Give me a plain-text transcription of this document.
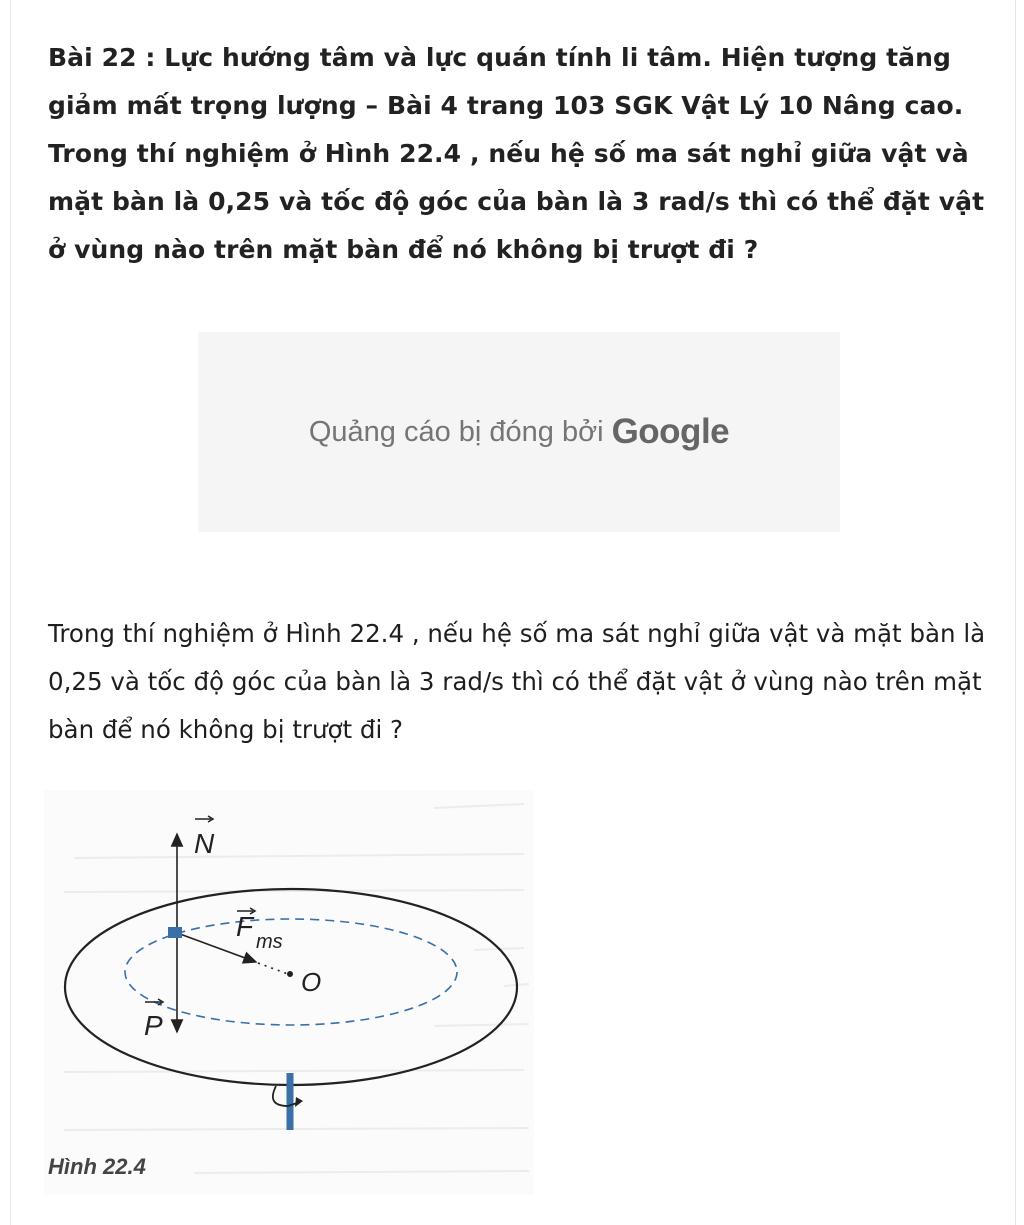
Bài 22 : Lực hướng tâm và lực quán tính li tâm. Hiện tượng tăng giảm mất trọng lượng – Bài 4 trang 103 SGK Vật Lý 10 Nâng cao. Trong thí nghiệm ở Hình 22.4 , nếu hệ số ma sát nghỉ giữa vật và mặt bàn là 0,25 và tốc độ góc của bàn là 3 rad/s thì có thể đặt vật ở vùng nào trên mặt bàn để nó không bị trượt đi ?
Quảng cáo bị đóng bởi Google

Trong thí nghiệm ở Hình 22.4 , nếu hệ số ma sát nghỉ giữa vật và mặt bàn là 0,25 và tốc độ góc của bàn là 3 rad/s thì có thể đặt vật ở vùng nào trên mặt bàn để nó không bị trượt đi ?

N
F ms
O
P
Hình 22.4
